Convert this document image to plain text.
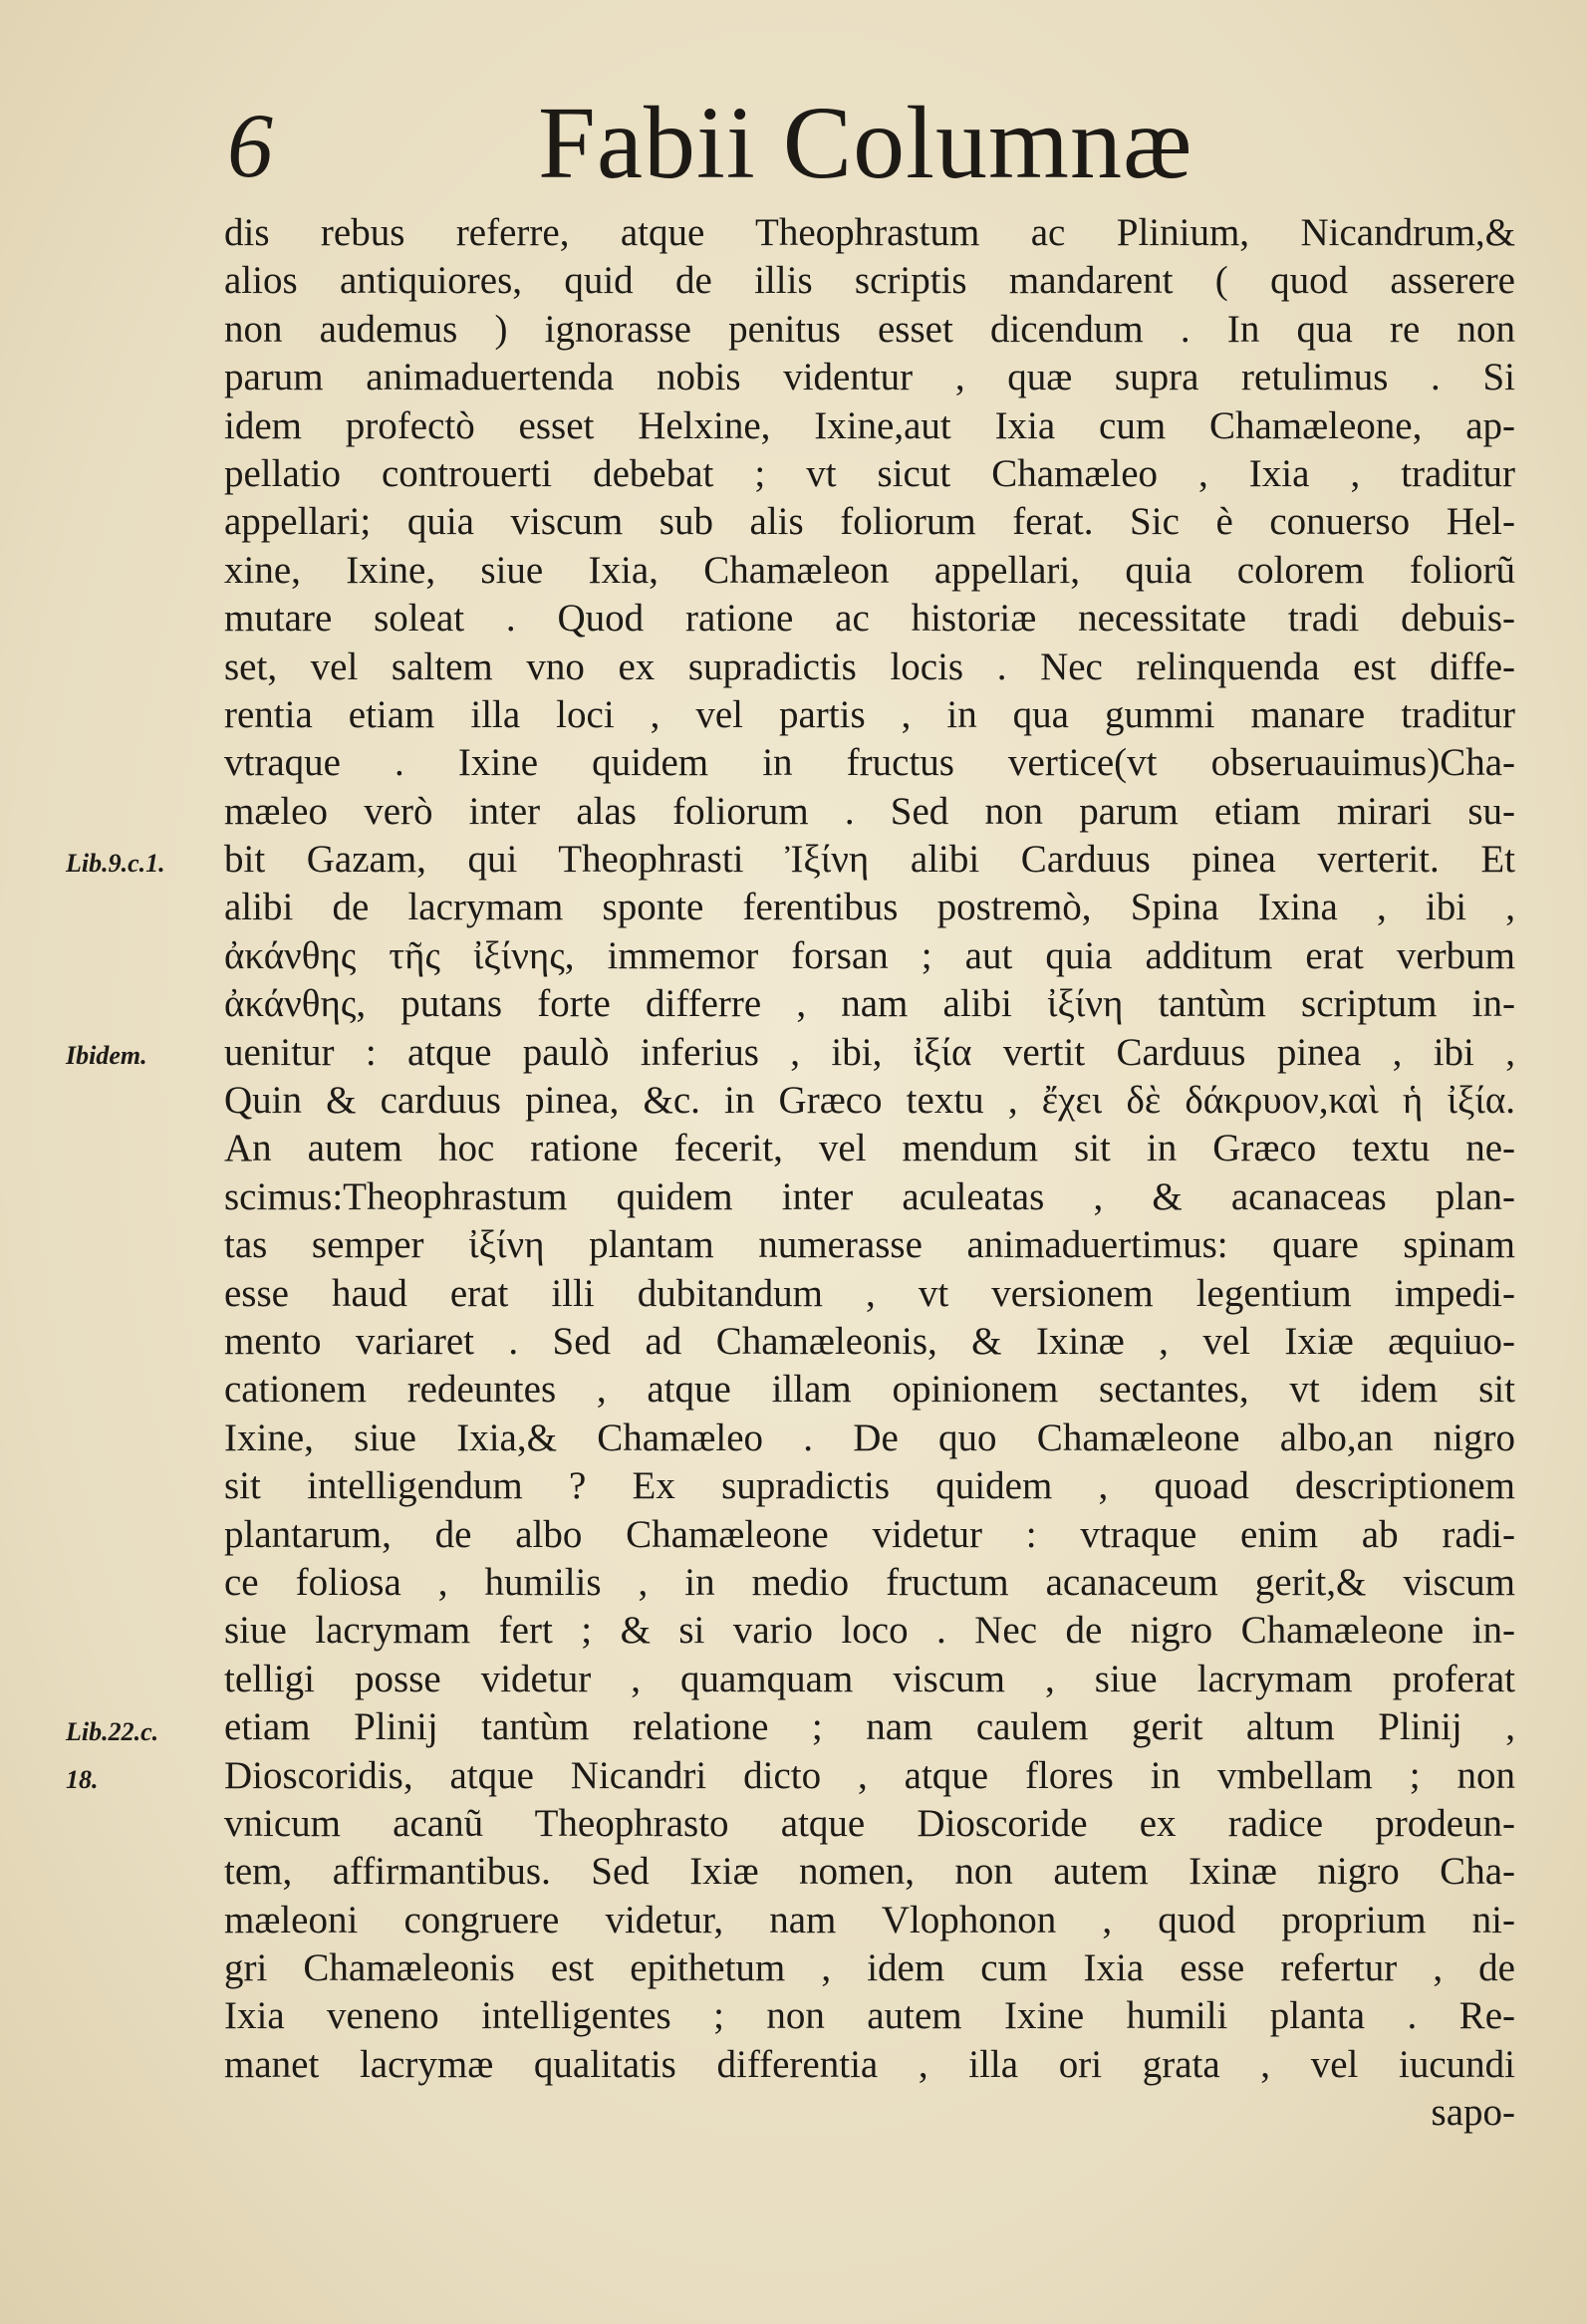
6	Fabii Columnæ
Lib.9.c.1.
Ibidem.
Lib.22.c.
18.
dis rebus referre, atque Theophrastum ac Plinium, Nicandrum,&
alios antiquiores, quid de illis scriptis mandarent ( quod asserere
non audemus ) ignorasse penitus esset dicendum . In qua re non
parum animaduertenda nobis videntur , quæ supra retulimus . Si
idem profectò esset Helxine, Ixine,aut Ixia cum Chamæleone, ap-
pellatio controuerti debebat ; vt sicut Chamæleo , Ixia , traditur
appellari; quia viscum sub alis foliorum ferat. Sic è conuerso Hel-
xine, Ixine, siue Ixia, Chamæleon appellari, quia colorem foliorũ
mutare soleat . Quod ratione ac historiæ necessitate tradi debuis-
set, vel saltem vno ex supradictis locis . Nec relinquenda est diffe-
rentia etiam illa loci , vel partis , in qua gummi manare traditur
vtraque . Ixine quidem in fructus vertice(vt obseruauimus)Cha-
mæleo verò inter alas foliorum . Sed non parum etiam mirari su-
bit Gazam, qui Theophrasti Ἰξίνη alibi Carduus pinea verterit. Et
alibi de lacrymam sponte ferentibus postremò, Spina Ixina , ibi ,
ἀκάνθης τῆς ἰξίνης, immemor forsan ; aut quia additum erat verbum
ἀκάνθης, putans forte differre , nam alibi ἰξίνη tantùm scriptum in-
uenitur : atque paulò inferius , ibi, ἰξία vertit Carduus pinea , ibi ,
Quin & carduus pinea, &c. in Græco textu , ἔχει δὲ δάκρυον,καὶ ἡ ἰξία.
An autem hoc ratione fecerit, vel mendum sit in Græco textu ne-
scimus:Theophrastum quidem inter aculeatas , & acanaceas plan-
tas semper ἰξίνη plantam numerasse animaduertimus: quare spinam
esse haud erat illi dubitandum , vt versionem legentium impedi-
mento variaret . Sed ad Chamæleonis, & Ixinæ , vel Ixiæ æquiuo-
cationem redeuntes , atque illam opinionem sectantes, vt idem sit
Ixine, siue Ixia,& Chamæleo . De quo Chamæleone albo,an nigro
sit intelligendum ? Ex supradictis quidem , quoad descriptionem
plantarum, de albo Chamæleone videtur : vtraque enim ab radi-
ce foliosa , humilis , in medio fructum acanaceum gerit,& viscum
siue lacrymam fert ; & si vario loco . Nec de nigro Chamæleone in-
telligi posse videtur , quamquam viscum , siue lacrymam proferat
etiam Plinij tantùm relatione ; nam caulem gerit altum Plinij ,
Dioscoridis, atque Nicandri dicto , atque flores in vmbellam ; non
vnicum acanũ Theophrasto atque Dioscoride ex radice prodeun-
tem, affirmantibus. Sed Ixiæ nomen, non autem Ixinæ nigro Cha-
mæleoni congruere videtur, nam Vlophonon , quod proprium ni-
gri Chamæleonis est epithetum , idem cum Ixia esse refertur , de
Ixia veneno intelligentes ; non autem Ixine humili planta . Re-
manet lacrymæ qualitatis differentia , illa ori grata , vel iucundi
sapo-
